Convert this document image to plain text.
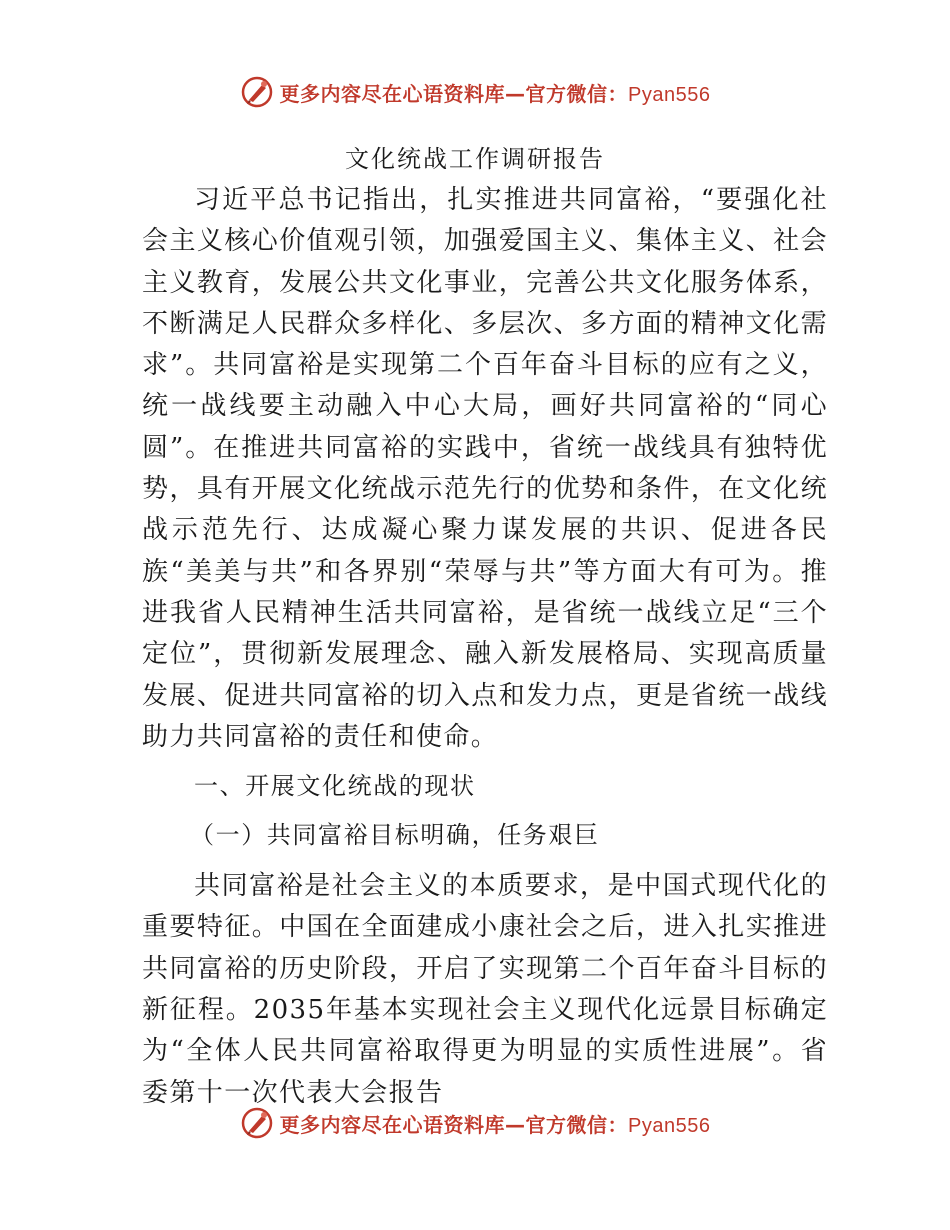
更多内容尽在心语资料库—官方微信：Pyan556
文化统战工作调研报告

习近平总书记指出，扎实推进共同富裕，“要强化社会主义核心价值观引领，加强爱国主义、集体主义、社会主义教育，发展公共文化事业，完善公共文化服务体系，不断满足人民群众多样化、多层次、多方面的精神文化需求”。共同富裕是实现第二个百年奋斗目标的应有之义，统一战线要主动融入中心大局，画好共同富裕的“同心圆”。在推进共同富裕的实践中，省统一战线具有独特优势，具有开展文化统战示范先行的优势和条件，在文化统战示范先行、达成凝心聚力谋发展的共识、促进各民族“美美与共”和各界别“荣辱与共”等方面大有可为。推进我省人民精神生活共同富裕，是省统一战线立足“三个定位”，贯彻新发展理念、融入新发展格局、实现高质量发展、促进共同富裕的切入点和发力点，更是省统一战线助力共同富裕的责任和使命。

一、开展文化统战的现状

（一）共同富裕目标明确，任务艰巨

共同富裕是社会主义的本质要求，是中国式现代化的重要特征。中国在全面建成小康社会之后，进入扎实推进共同富裕的历史阶段，开启了实现第二个百年奋斗目标的新征程。2035年基本实现社会主义现代化远景目标确定为“全体人民共同富裕取得更为明显的实质性进展”。省委第十一次代表大会报告

更多内容尽在心语资料库—官方微信：Pyan556
